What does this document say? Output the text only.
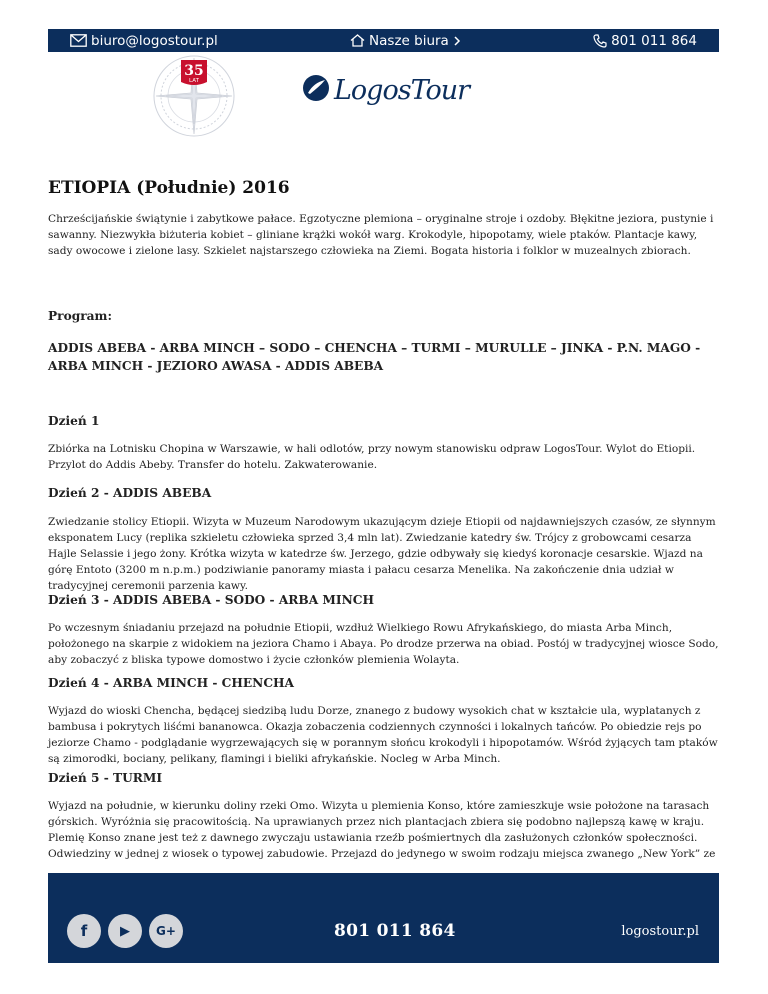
biuro@logostour.pl	Nasze biura	801 011 864
35
LAT	LogosTour
ETIOPIA (Południe) 2016

Chrześcijańskie świątynie i zabytkowe pałace. Egzotyczne plemiona – oryginalne stroje i ozdoby. Błękitne jeziora, pustynie i sawanny. Niezwykła biżuteria kobiet – gliniane krążki wokół warg. Krokodyle, hipopotamy, wiele ptaków. Plantacje kawy, sady owocowe i zielone lasy. Szkielet najstarszego człowieka na Ziemi. Bogata historia i folklor w muzealnych zbiorach.

Program:

ADDIS ABEBA - ARBA MINCH – SODO – CHENCHA – TURMI – MURULLE – JINKA - P.N. MAGO - ARBA MINCH - JEZIORO AWASA - ADDIS ABEBA

Dzień 1

Zbiórka na Lotnisku Chopina w Warszawie, w hali odlotów, przy nowym stanowisku odpraw LogosTour. Wylot do Etiopii. Przylot do Addis Abeby. Transfer do hotelu. Zakwaterowanie.

Dzień 2 - ADDIS ABEBA

Zwiedzanie stolicy Etiopii. Wizyta w Muzeum Narodowym ukazującym dzieje Etiopii od najdawniejszych czasów, ze słynnym eksponatem Lucy (replika szkieletu człowieka sprzed 3,4 mln lat). Zwiedzanie katedry św. Trójcy z grobowcami cesarza Hajle Selassie i jego żony. Krótka wizyta w katedrze św. Jerzego, gdzie odbywały się kiedyś koronacje cesarskie. Wjazd na górę Entoto (3200 m n.p.m.) podziwianie panoramy miasta i pałacu cesarza Menelika. Na zakończenie dnia udział w tradycyjnej ceremonii parzenia kawy.

Dzień 3 - ADDIS ABEBA - SODO - ARBA MINCH

Po wczesnym śniadaniu przejazd na południe Etiopii, wzdłuż Wielkiego Rowu Afrykańskiego, do miasta Arba Minch, położonego na skarpie z widokiem na jeziora Chamo i Abaya. Po drodze przerwa na obiad. Postój w tradycyjnej wiosce Sodo, aby zobaczyć z bliska typowe domostwo i życie członków plemienia Wolayta.

Dzień 4 - ARBA MINCH - CHENCHA

Wyjazd do wioski Chencha, będącej siedzibą ludu Dorze, znanego z budowy wysokich chat w kształcie ula, wyplatanych z bambusa i pokrytych liśćmi bananowca. Okazja zobaczenia codziennych czynności i lokalnych tańców. Po obiedzie rejs po jeziorze Chamo - podglądanie wygrzewających się w porannym słońcu krokodyli i hipopotamów. Wśród żyjących tam ptaków są zimorodki, bociany, pelikany, flamingi i bieliki afrykańskie. Nocleg w Arba Minch.

Dzień 5 - TURMI

Wyjazd na południe, w kierunku doliny rzeki Omo. Wizyta u plemienia Konso, które zamieszkuje wsie położone na tarasach górskich. Wyróżnia się pracowitością. Na uprawianych przez nich plantacjach zbiera się podobno najlepszą kawę w kraju. Plemię Konso znane jest też z dawnego zwyczaju ustawiania rzeźb pośmiertnych dla zasłużonych członków społeczności. Odwiedziny w jednej z wiosek o typowej zabudowie. Przejazd do jedynego w swoim rodzaju miejsca zwanego „New York” ze

f	▶	G+	801 011 864	logostour.pl
